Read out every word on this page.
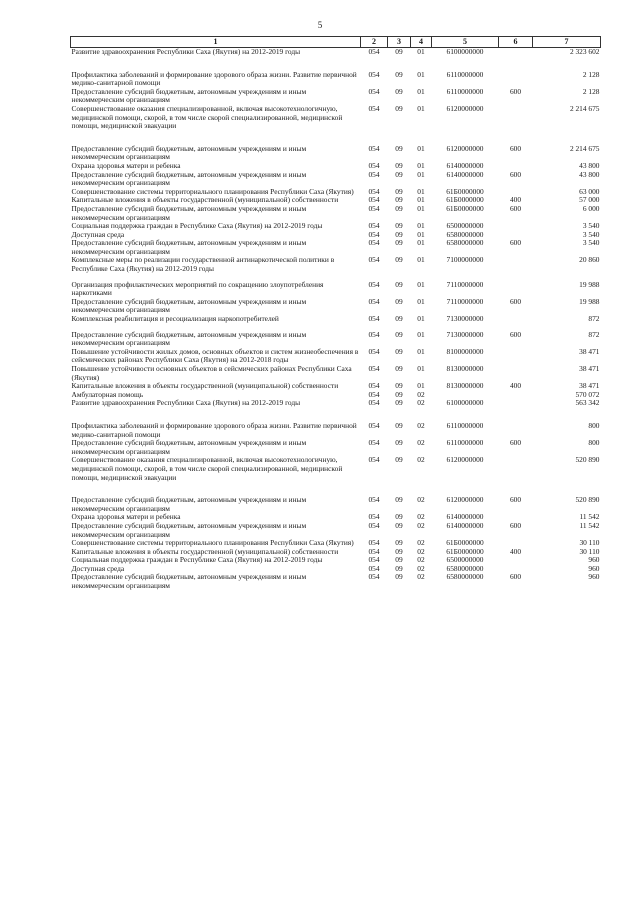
5
1	2	3	4	5	6	7
Развитие здравоохранения Республики Саха (Якутия) на 2012-2019 годы	054	09	01	6100000000		2 323 602
Профилактика заболеваний и формирование здорового образа жизни. Развитие первичной медико-санитарной помощи	054	09	01	6110000000		2 128
Предоставление субсидий бюджетным, автономным учреждениям и иным некоммерческим организациям	054	09	01	6110000000	600	2 128
Совершенствование оказания специализированной, включая высокотехнологичную, медицинской помощи, скорой, в том числе скорой специализированной, медицинской помощи, медицинской эвакуации	054	09	01	6120000000		2 214 675
Предоставление субсидий бюджетным, автономным учреждениям и иным некоммерческим организациям	054	09	01	6120000000	600	2 214 675
Охрана здоровья матери и ребенка	054	09	01	6140000000		43 800
Предоставление субсидий бюджетным, автономным учреждениям и иным некоммерческим организациям	054	09	01	6140000000	600	43 800
Совершенствование системы территориального планирования Республики Саха (Якутия)	054	09	01	61Б0000000		63 000
Капитальные вложения в объекты государственной (муниципальной) собственности	054	09	01	61Б0000000	400	57 000
Предоставление субсидий бюджетным, автономным учреждениям и иным некоммерческим организациям	054	09	01	61Б0000000	600	6 000
Социальная поддержка граждан в Республике Саха (Якутия) на 2012-2019 годы	054	09	01	6500000000		3 540
Доступная среда	054	09	01	6580000000		3 540
Предоставление субсидий бюджетным, автономным учреждениям и иным некоммерческим организациям	054	09	01	6580000000	600	3 540
Комплексные меры по реализации государственной антинаркотической политики в Республике Саха (Якутия) на 2012-2019 годы	054	09	01	7100000000		20 860
Организация профилактических мероприятий по сокращению злоупотребления наркотиками	054	09	01	7110000000		19 988
Предоставление субсидий бюджетным, автономным учреждениям и иным некоммерческим организациям	054	09	01	7110000000	600	19 988
Комплексная реабилитация и ресоциализация наркопотребителей	054	09	01	7130000000		872
Предоставление субсидий бюджетным, автономным учреждениям и иным некоммерческим организациям	054	09	01	7130000000	600	872
Повышение устойчивости жилых домов, основных объектов и систем жизнеобеспечения в сейсмических районах Республики Саха (Якутия) на 2012-2018 годы	054	09	01	8100000000		38 471
Повышение устойчивости основных объектов в сейсмических районах Республики Саха (Якутия)	054	09	01	8130000000		38 471
Капитальные вложения в объекты государственной (муниципальной) собственности	054	09	01	8130000000	400	38 471
Амбулаторная помощь	054	09	02			570 072
Развитие здравоохранения Республики Саха (Якутия) на 2012-2019 годы	054	09	02	6100000000		563 342
Профилактика заболеваний и формирование здорового образа жизни. Развитие первичной медико-санитарной помощи	054	09	02	6110000000		800
Предоставление субсидий бюджетным, автономным учреждениям и иным некоммерческим организациям	054	09	02	6110000000	600	800
Совершенствование оказания специализированной, включая высокотехнологичную, медицинской помощи, скорой, в том числе скорой специализированной, медицинской помощи, медицинской эвакуации	054	09	02	6120000000		520 890
Предоставление субсидий бюджетным, автономным учреждениям и иным некоммерческим организациям	054	09	02	6120000000	600	520 890
Охрана здоровья матери и ребенка	054	09	02	6140000000		11 542
Предоставление субсидий бюджетным, автономным учреждениям и иным некоммерческим организациям	054	09	02	6140000000	600	11 542
Совершенствование системы территориального планирования Республики Саха (Якутия)	054	09	02	61Б0000000		30 110
Капитальные вложения в объекты государственной (муниципальной) собственности	054	09	02	61Б0000000	400	30 110
Социальная поддержка граждан в Республике Саха (Якутия) на 2012-2019 годы	054	09	02	6500000000		960
Доступная среда	054	09	02	6580000000		960
Предоставление субсидий бюджетным, автономным учреждениям и иным некоммерческим организациям	054	09	02	6580000000	600	960
